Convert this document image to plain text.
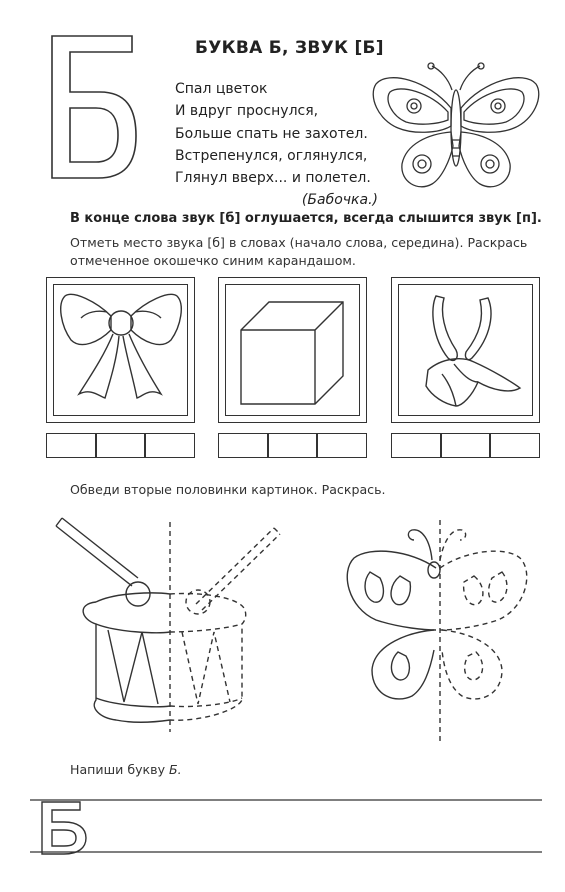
БУКВА Б, ЗВУК [Б]
Спал цветок
И вдруг проснулся,
Больше спать не захотел.
Встрепенулся, оглянулся,
Глянул вверх... и полетел.
(Бабочка.)
В конце слова звук [б] оглушается, всегда слышится звук [п].
Отметь место звука [б] в словах (начало слова, середина). Раскрась отмеченное окошечко синим карандашом.
Обведи вторые половинки картинок. Раскрась.
Напиши букву Б.
